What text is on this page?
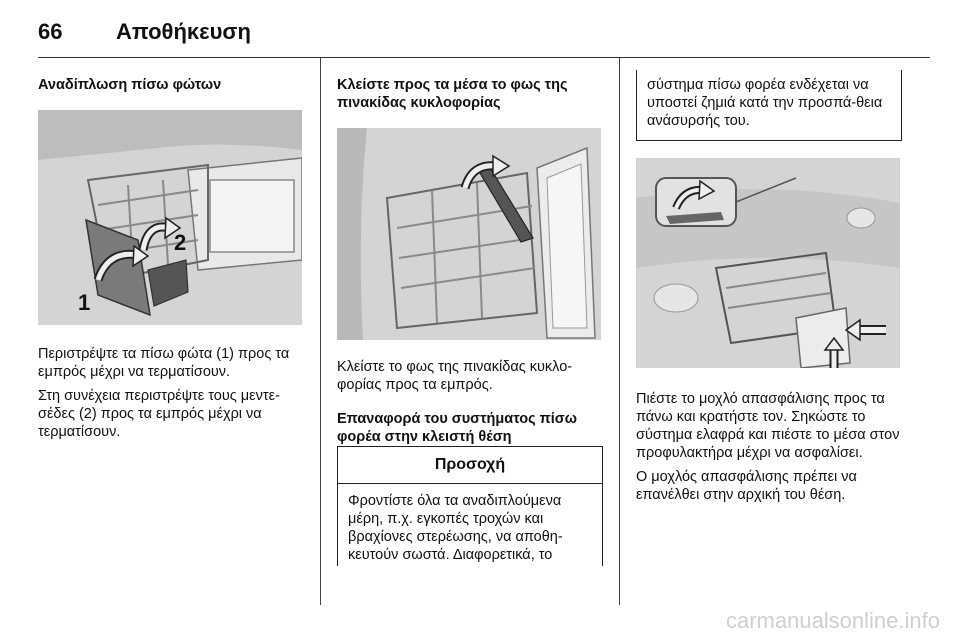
66	Αποθήκευση
Αναδίπλωση πίσω φώτων
1
2

Περιστρέψτε τα πίσω φώτα (1) προς τα εμπρός μέχρι να τερματίσουν.

Στη συνέχεια περιστρέψτε τους μεντε-σέδες (2) προς τα εμπρός μέχρι να τερματίσουν.

Κλείστε προς τα μέσα το φως της πινακίδας κυκλοφορίας

Κλείστε το φως της πινακίδας κυκλο-φορίας προς τα εμπρός.

Επαναφορά του συστήματος πίσω φορέα στην κλειστή θέση
Προσοχή
Φροντίστε όλα τα αναδιπλούμενα μέρη, π.χ. εγκοπές τροχών και βραχίονες στερέωσης, να αποθη-κευτούν σωστά. Διαφορετικά, το
σύστημα πίσω φορέα ενδέχεται να υποστεί ζημιά κατά την προσπά-θεια ανάσυρσής του.

Πιέστε το μοχλό απασφάλισης προς τα πάνω και κρατήστε τον. Σηκώστε το σύστημα ελαφρά και πιέστε το μέσα στον προφυλακτήρα μέχρι να ασφαλίσει.

Ο μοχλός απασφάλισης πρέπει να επανέλθει στην αρχική του θέση.

carmanualsonline.info
